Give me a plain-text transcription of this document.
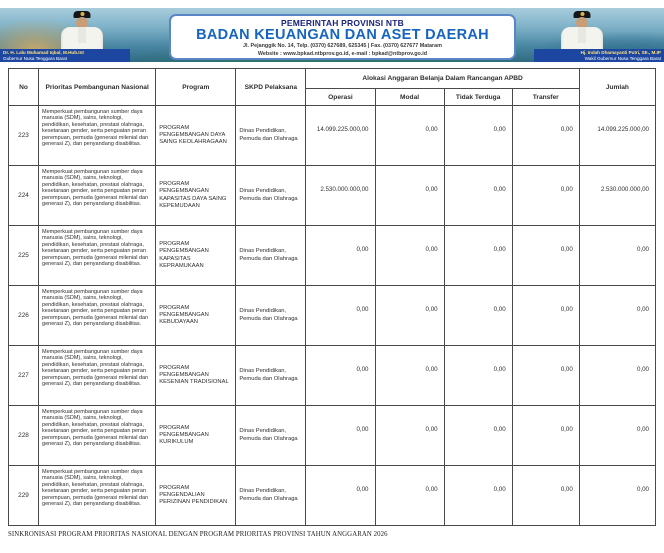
PEMERINTAH PROVINSI NTB
BADAN KEUANGAN DAN ASET DAERAH
Jl. Pejanggik No. 14, Telp. (0370) 627689, 625345 | Fax. (0370) 627677 Mataram
Website : www.bpkad.ntbprov.go.id, e-mail : bpkad@ntbprov.go.id
Dr. H. Lalu Muhamad Iqbal, M.Hub.Int
Gubernur Nusa Tenggara Barat
Hj. Indah Dhamayanti Putri, SE., M.IP
Wakil Gubernur Nusa Tenggara Barat
No	Prioritas Pembangunan Nasional	Program	SKPD Pelaksana	Alokasi Anggaran Belanja Dalam Rancangan APBD				Jumlah
				Operasi	Modal	Tidak Terduga	Transfer	
223	Memperkuat pembangunan sumber daya manusia (SDM), sains, teknologi, pendidikan, kesehatan, prestasi olahraga, kesetaraan gender, serta penguatan peran perempuan, pemuda (generasi milenial dan generasi Z), dan penyandang disabilitas.	PROGRAM PENGEMBANGAN DAYA SAING KEOLAHRAGAAN	Dinas Pendidikan, Pemuda dan Olahraga	14.099.225.000,00	0,00	0,00	0,00	14.099.225.000,00
224	Memperkuat pembangunan sumber daya manusia (SDM), sains, teknologi, pendidikan, kesehatan, prestasi olahraga, kesetaraan gender, serta penguatan peran perempuan, pemuda (generasi milenial dan generasi Z), dan penyandang disabilitas.	PROGRAM PENGEMBANGAN KAPASITAS DAYA SAING KEPEMUDAAN	Dinas Pendidikan, Pemuda dan Olahraga	2.530.000.000,00	0,00	0,00	0,00	2.530.000.000,00
225	Memperkuat pembangunan sumber daya manusia (SDM), sains, teknologi, pendidikan, kesehatan, prestasi olahraga, kesetaraan gender, serta penguatan peran perempuan, pemuda (generasi milenial dan generasi Z), dan penyandang disabilitas.	PROGRAM PENGEMBANGAN KAPASITAS KEPRAMUKAAN	Dinas Pendidikan, Pemuda dan Olahraga	0,00	0,00	0,00	0,00	0,00
226	Memperkuat pembangunan sumber daya manusia (SDM), sains, teknologi, pendidikan, kesehatan, prestasi olahraga, kesetaraan gender, serta penguatan peran perempuan, pemuda (generasi milenial dan generasi Z), dan penyandang disabilitas.	PROGRAM PENGEMBANGAN KEBUDAYAAN	Dinas Pendidikan, Pemuda dan Olahraga	0,00	0,00	0,00	0,00	0,00
227	Memperkuat pembangunan sumber daya manusia (SDM), sains, teknologi, pendidikan, kesehatan, prestasi olahraga, kesetaraan gender, serta penguatan peran perempuan, pemuda (generasi milenial dan generasi Z), dan penyandang disabilitas.	PROGRAM PENGEMBANGAN KESENIAN TRADISIONAL	Dinas Pendidikan, Pemuda dan Olahraga	0,00	0,00	0,00	0,00	0,00
228	Memperkuat pembangunan sumber daya manusia (SDM), sains, teknologi, pendidikan, kesehatan, prestasi olahraga, kesetaraan gender, serta penguatan peran perempuan, pemuda (generasi milenial dan generasi Z), dan penyandang disabilitas.	PROGRAM PENGEMBANGAN KURIKULUM	Dinas Pendidikan, Pemuda dan Olahraga	0,00	0,00	0,00	0,00	0,00
229	Memperkuat pembangunan sumber daya manusia (SDM), sains, teknologi, pendidikan, kesehatan, prestasi olahraga, kesetaraan gender, serta penguatan peran perempuan, pemuda (generasi milenial dan generasi Z), dan penyandang disabilitas.	PROGRAM PENGENDALIAN PERIZINAN PENDIDIKAN	Dinas Pendidikan, Pemuda dan Olahraga	0,00	0,00	0,00	0,00	0,00
SINKRONISASI PROGRAM PRIORITAS NASIONAL DENGAN PROGRAM PRIORITAS PROVINSI TAHUN ANGGARAN 2026
